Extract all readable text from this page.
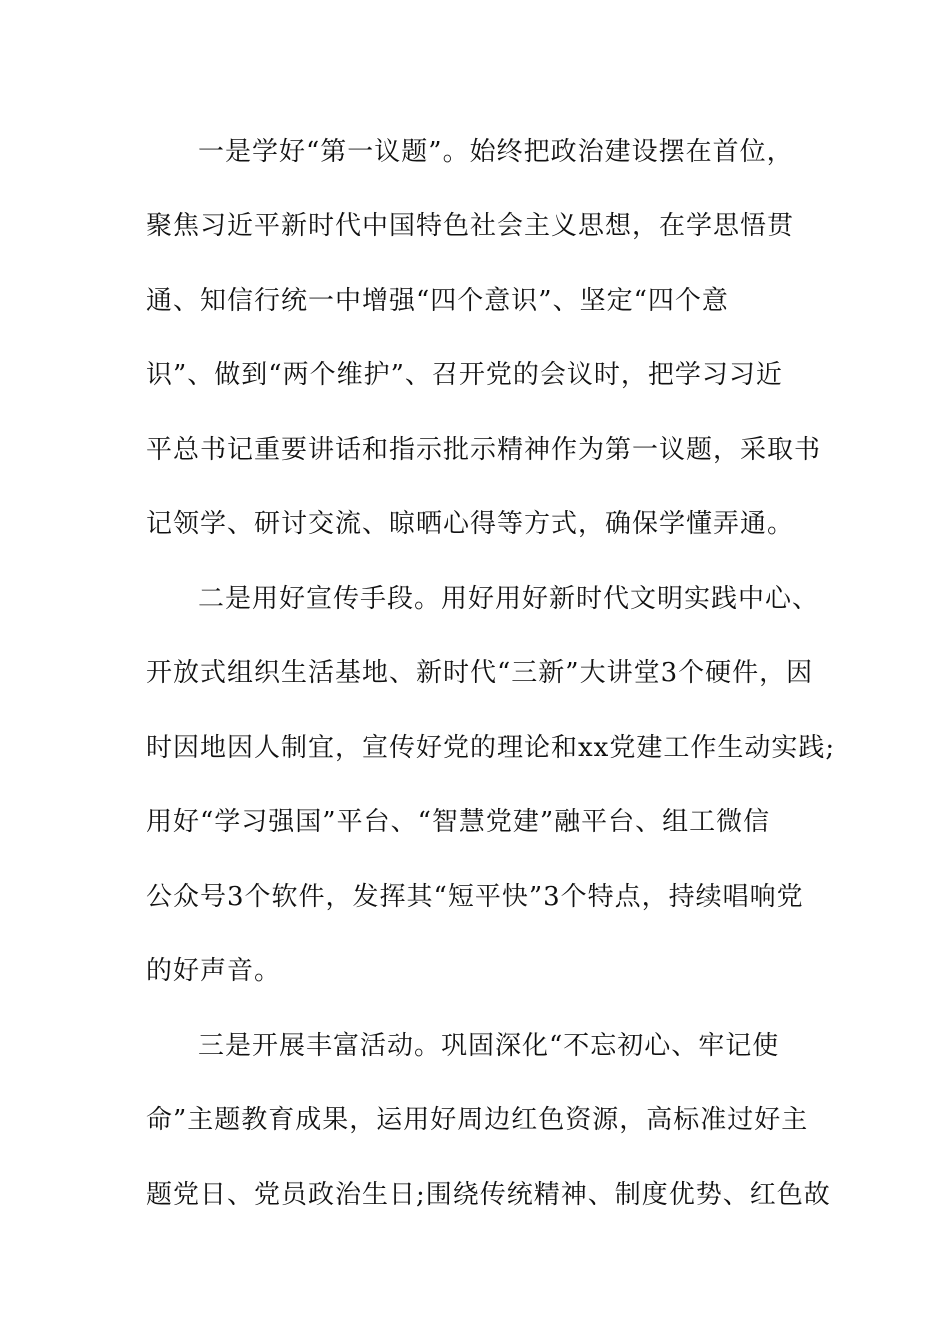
一是学好“第一议题”。始终把政治建设摆在首位，
聚焦习近平新时代中国特色社会主义思想，在学思悟贯
通、知信行统一中增强“四个意识”、坚定“四个意
识”、做到“两个维护”、召开党的会议时，把学习习近
平总书记重要讲话和指示批示精神作为第一议题，采取书
记领学、研讨交流、晾晒心得等方式，确保学懂弄通。
二是用好宣传手段。用好用好新时代文明实践中心、
开放式组织生活基地、新时代“三新”大讲堂3个硬件，因
时因地因人制宜，宣传好党的理论和xx党建工作生动实践;
用好“学习强国”平台、“智慧党建”融平台、组工微信
公众号3个软件，发挥其“短平快”3个特点，持续唱响党
的好声音。
三是开展丰富活动。巩固深化“不忘初心、牢记使
命”主题教育成果，运用好周边红色资源，高标准过好主
题党日、党员政治生日;围绕传统精神、制度优势、红色故
